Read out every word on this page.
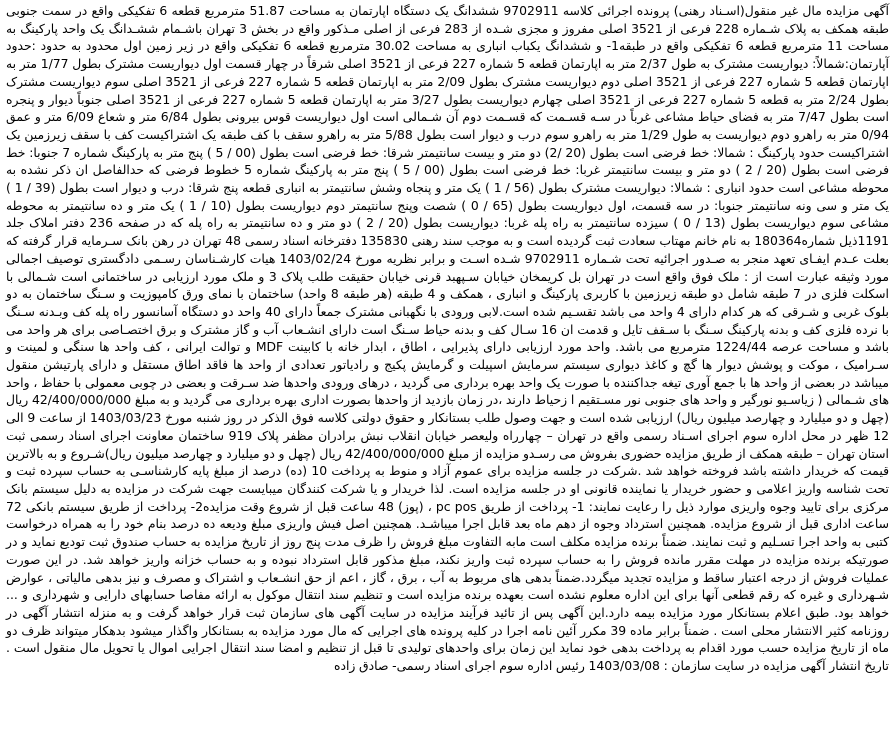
آگهی مزایده مال غیر منقول(اسـناد رهنی) پرونده اجرائی کلاسه 9702911 ششدانگ یک دستگاه اپارتمان به مساحت 51.87 مترمربع قطعه 6 تفکیکی واقع در سمت جنوبی طبقه همکف به پلاک شـماره 228 فرعی از 3521 اصلی مفروز و مجزی شـده از 283 فرعی از اصلی مـذکور واقع در بخش 3 تهران باشـمام ششـدانگ یک واحد پارکینگ به مساحت 11 مترمربع قطعه 6 تفکیکی واقع در طبقه1- و ششدانگ یکباب انباری به مساحت 30.02 مترمربع قطعه 6 تفکیکی واقع در زیر زمین اول محدود به حدود :حدود آپارتمان:شمالاً: دیواریست مشترک به طول 2/37 متر به اپارتمان قطعه 5 شماره 227 فرعی از 3521 اصلی شرقاً در چهار قسمت اول دیواریست مشترک بطول 1/77 متر به اپارتمان قطعه 5 شماره 227 فرعی از 3521 اصلی دوم دیواریست مشترک بطول 2/09 متر به اپارتمان قطعه 5 شماره 227 فرعی از 3521 اصلی سوم دیواریست مشترک بطول 2/24 متر به قطعه 5 شماره 227 فرعی از 3521 اصلی چهارم دیواریست بطول 3/27 متر به اپارتمان قطعه 5 شماره 227 فرعی از 3521 اصلی جنوباً دیوار و پنجره است بطول 7/47 متر به فضای حیاط مشاعی غرباً در سـه قسـمت که قسـمت دوم آن شـمالی است اول دیواریست قوس بیرونی بطول 6/84 متر و شعاع 6/09 متر و عمق 0/94 متر به راهرو دوم دیواریست به طول 1/29 متر به راهرو سوم درب و دیوار است بطول 5/88 متر به راهرو سقف با کف طبقه یک اشتراکیست کف با سقف زیرزمین یک اشتراکیست حدود پارکینگ : شمالا: خط فرضی است بطول (20 /2) دو متر و بیست سانتیمتر شرقا: خط فرضی است بطول (00 / 5 ) پنج متر به پارکینگ شماره 7 جنوبا: خط فرضی است بطول (20 / 2 ) دو متر و بیست سانتیمتر غربا: خط فرضی است بطول (00 / 5 ) پنج متر به پارکینگ شماره 5 خطوط فرضی که حدالفاصل ان ذکر نشده به محوطه مشاعی است حدود انباری : شمالا: دیواریست مشترک بطول (56 / 1 ) یک متر و پنجاه وشش سانتیمتر به انباری قطعه پنج شرقا: درب و دیوار است بطول (39 / 1 ) یک متر و سی ونه سانتیمتر جنوبا: در سه قسمت، اول دیواریست بطول (65 / 0 ) شصت وپنج سانتیمتر دوم دیواریست بطول (10 / 1 ) یک متر و ده سانتیمتر به محوطه مشاعی سوم دیواریست بطول (13 / 0 ) سیزده سانتیمتر به راه پله غربا: دیواریست بطول (20 / 2 ) دو متر و ده سانتیمتر به راه پله که در صفحه 236 دفتر املاک جلد 1191ذیل شماره180364 به نام خانم مهتاب سعادت ثبت گردیده است و به موجب سند رهنی 135830 دفترخانه اسناد رسمی 48 تهران در رهن بانک سـرمایه قرار گرفته که بعلت عـدم ایفـای تعهد منجر به صـدور اجرائیه تحت شـماره 9702911 شـده اسـت و برابر نظریه مورخ 1403/02/24 هیات کارشـناسان رسـمی دادگستری توصیف اجمالی مورد وثیقه عبارت است از : ملک فوق واقع است در تهران بل کریمخان خیابان سـپهبد قرنی خیابان حقیقت طلب پلاک 3 و ملک مورد ارزیابی در ساختمانی است شـمالی با اسکلت فلزی در 7 طبقه شامل دو طبقه زیرزمین با کاربری پارکینگ و انباری ، همکف و 4 طبقه (هر طبقه 8 واحد) ساختمان با نمای ورق کامپوزیت و سـنگ ساختمان به دو بلوک غربی و شـرقی که هر کدام دارای 4 واحد می باشد تقسـیم شده است.لابی ورودی با نگهبانی مشترک جمعاً دارای 40 واحد دو دستگاه آسانسور راه پله کف وبـدنه سـنگ با نرده فلزی کف و بدنه پارکینگ سـنگ با سـقف تایل و قدمت ان 16 سـال کف و بدنه حیاط سـنگ است دارای انشـعاب آب و گاز مشترک و برق اختصـاصی برای هر واحد می باشد و مساحت عرصه 1224/44 مترمربع می باشد. واحد مورد ارزیابی دارای پذیرایی ، اطاق ، ابدار خانه با کابینت MDF و توالت ایرانی ، کف واحد ها سنگی و لمینت و سـرامیک ، موکت و پوشش دیوار ها گچ و کاغذ دیواری سیستم سرمایش اسپیلت و گرمایش پکیج و رادیاتور تعدادی از واحد ها فاقد اطاق مستقل و دارای پارتیشن منقول میباشد در بعضی از واحد ها با جمع آوری تیغه جداکننده با صورت یک واحد بهره برداری می گردید ، درهای ورودی واحدها ضد سـرقت و بعضی در چوبی معمولی با حفاظ ، واحد های شـمالی ( زیاسـیو نورگیر و واحد های جنوبی نور مسـتقیم ا زحیاط دارند ،در زمان بازدید از واحدها بصورت اداری بهره برداری می گردید و به مبلغ 42/400/000/000 ریال (چهل و دو میلیارد و چهارصد میلیون ریال) ارزیابی شده است و جهت وصول طلب بستانکار و حقوق دولتی کلاسه فوق الذکر در روز شنبه مورخ 1403/03/23 از ساعت 9 الی 12 ظهر در محل اداره سوم اجرای اسـناد رسمی واقع در تهران – چهارراه ولیعصر خیابان انقلاب نبش برادران مظفر پلاک 919 ساختمان معاونت اجرای اسناد رسمی ثبت استان تهران – طبقه همکف از طریق مزایده حضوری بفروش می رسـدو مزایده از مبلغ 42/400/000/000 ریال (چهل و دو میلیارد و چهارصد میلیون ریال)شـروع و به بالاترین قیمت که خریدار داشته باشد فروخته خواهد شد .شرکت در جلسه مزایده برای عموم آزاد و منوط به پرداخت 10 (ده) درصد از مبلغ پایه کارشناسـی به حساب سپرده ثبت و تحت شناسه واریز اعلامی و حضور خریدار یا نماینده قانونی او در جلسه مزایده است. لذا خریدار و یا شرکت کنندگان میبایست جهت شرکت در مزایده به دلیل سیستم بانک مرکزی برای تایید وجوه واریزی موارد ذیل را رعایت نمایند: 1- پرداخت از طریق pc pos ، (پوز) 48 ساعت قبل از شروع وقت مزایده2- پرداخت از طریق سیستم بانکی 72 ساعت اداری قبل از شروع مزایده. همچنین استرداد وجوه از دهم ماه بعد قابل اجرا میباشـد. همچنین اصل فیش واریزی مبلغ ودیعه ده درصد بنام خود را به همراه درخواست کتبی به واحد اجرا تسـلیم و ثبت نمایند. ضمناً برنده مزایده مکلف است مابه التفاوت مبلغ فروش را ظرف مدت پنج روز از تاریخ مزایده به حساب صندوق ثبت تودیع نماید و در صورتیکه برنده مزایده در مهلت مقرر مانده فروش را به حساب سپرده ثبت واریز نکند، مبلغ مذکور قابل استرداد نبوده و به حساب خزانه واریز خواهد شد. در این صورت عملیات فروش از درجه اعتبار ساقط و مزایده تجدید میگردد.ضمناً بدهی های مربوط به آب ، برق ، گاز ، اعم از حق انشـعاب و اشتراک و مصرف و نیز بدهی مالیاتی ، عوارض شـهرداری و غیره که رقم قطعی آنها برای این اداره معلوم نشده است بعهده برنده مزایده است و تنظیم سند انتقال موکول به ارائه مفاصا حسابهای دارایی و شهرداری و ... خواهد بود. طبق اعلام بستانکار مورد مزایده بیمه دارد.این آگهی پس از تائید فرآیند مزایده در سایت آگهی های سازمان ثبت قرار خواهد گرفت و به منزله انتشار آگهی در روزنامه کثیر الانتشار محلی است . ضمناً برابر ماده 39 مکرر آئین نامه اجرا در کلیه پرونده های اجرایی که مال مورد مزایده به بستانکار واگذار میشود بدهکار میتواند ظرف دو ماه از تاریخ مزایده حسب مورد اقدام به پرداخت بدهی خود نماید این زمان برای واحدهای تولیدی تا قبل از تنظیم و امضا سند انتقال اجرایی اموال یا تحویل مال منقول است . تاریخ انتشار آگهی مزایده در سایت سازمان : 1403/03/08 رئیس اداره سوم اجرای اسناد رسمی- صادق زاده
